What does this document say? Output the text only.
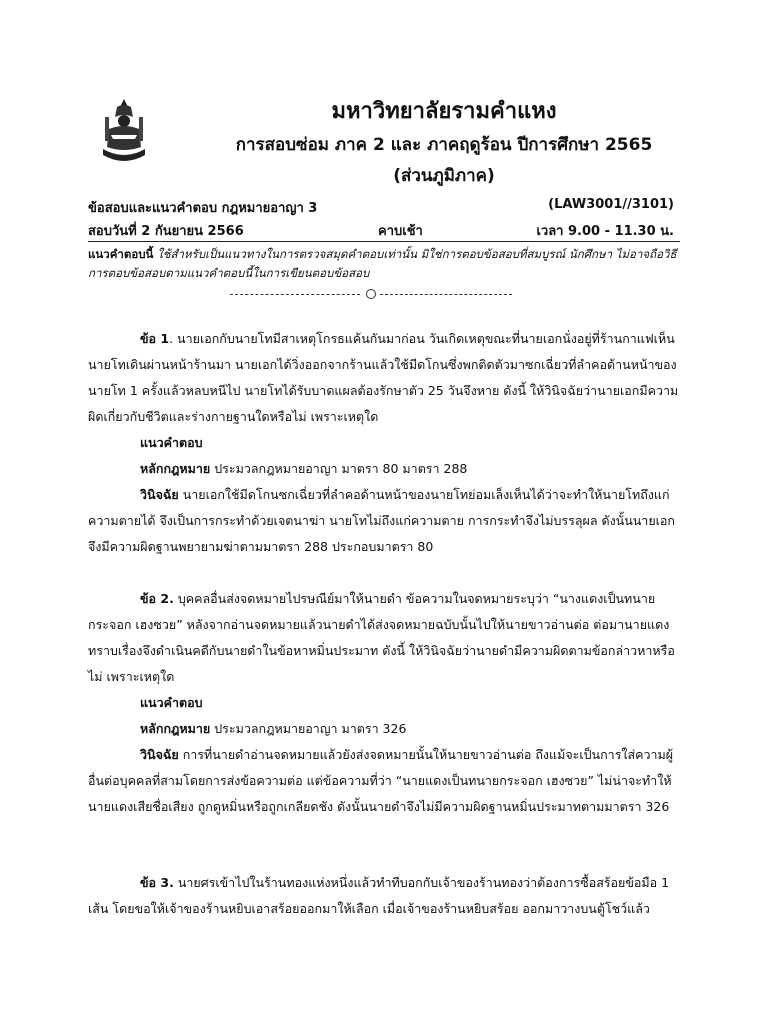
มหาวิทยาลัยรามคำแหง
การสอบซ่อม ภาค 2 และ ภาคฤดูร้อน ปีการศึกษา 2565
(ส่วนภูมิภาค)
ข้อสอบและแนวคำตอบ กฎหมายอาญา 3	(LAW3001//3101)
สอบวันที่ 2 กันยายน 2566	คาบเช้า	เวลา 9.00 - 11.30 น.
แนวคำตอบนี้ ใช้สำหรับเป็นแนวทางในการตรวจสมุดคำตอบเท่านั้น มิใช่การตอบข้อสอบที่สมบูรณ์ นักศึกษา ไม่อาจถือวิธีการตอบข้อสอบตามแนวคำตอบนี้ในการเขียนตอบข้อสอบ

ข้อ 1. นายเอกกับนายโทมีสาเหตุโกรธแค้นกันมาก่อน วันเกิดเหตุขณะที่นายเอกนั่งอยู่ที่ร้านกาแฟเห็นนายโทเดินผ่านหน้าร้านมา นายเอกได้วิ่งออกจากร้านแล้วใช้มีดโกนซึ่งพกติดตัวมาซกเฉี่ยวที่ลำคอด้านหน้าของนายโท 1 ครั้งแล้วหลบหนีไป นายโทได้รับบาดแผลต้องรักษาตัว 25 วันจึงหาย ดังนี้ ให้วินิจฉัยว่านายเอกมีความผิดเกี่ยวกับชีวิตและร่างกายฐานใดหรือไม่ เพราะเหตุใด

แนวคำตอบ

หลักกฎหมาย ประมวลกฎหมายอาญา มาตรา 80 มาตรา 288

วินิจฉัย นายเอกใช้มีดโกนซกเฉี่ยวที่ลำคอด้านหน้าของนายโทย่อมเล็งเห็นได้ว่าจะทำให้นายโทถึงแก่ความตายได้ จึงเป็นการกระทำด้วยเจตนาฆ่า นายโทไม่ถึงแก่ความตาย การกระทำจึงไม่บรรลุผล ดังนั้นนายเอกจึงมีความผิดฐานพยายามฆ่าตามมาตรา 288 ประกอบมาตรา 80

ข้อ 2. บุคคลอื่นส่งจดหมายไปรษณีย์มาให้นายดำ ข้อความในจดหมายระบุว่า “นางแดงเป็นทนายกระจอก เฮงซวย” หลังจากอ่านจดหมายแล้วนายดำได้ส่งจดหมายฉบับนั้นไปให้นายขาวอ่านต่อ ต่อมานายแดงทราบเรื่องจึงดำเนินคดีกับนายดำในข้อหาหมิ่นประมาท ดังนี้ ให้วินิจฉัยว่านายดำมีความผิดตามข้อกล่าวหาหรือไม่ เพราะเหตุใด

แนวคำตอบ

หลักกฎหมาย ประมวลกฎหมายอาญา มาตรา 326

วินิจฉัย การที่นายดำอ่านจดหมายแล้วยังส่งจดหมายนั้นให้นายขาวอ่านต่อ ถึงแม้จะเป็นการใส่ความผู้อื่นต่อบุคคลที่สามโดยการส่งข้อความต่อ แต่ข้อความที่ว่า “นายแดงเป็นทนายกระจอก เฮงซวย” ไม่น่าจะทำให้นายแดงเสียชื่อเสียง ถูกดูหมิ่นหรือถูกเกลียดชัง ดังนั้นนายดำจึงไม่มีความผิดฐานหมิ่นประมาทตามมาตรา 326

ข้อ 3. นายศรเข้าไปในร้านทองแห่งหนึ่งแล้วทำทีบอกกับเจ้าของร้านทองว่าต้องการซื้อสร้อยข้อมือ 1 เส้น โดยขอให้เจ้าของร้านหยิบเอาสร้อยออกมาให้เลือก เมื่อเจ้าของร้านหยิบสร้อย ออกมาวางบนตู้โชว์แล้ว
